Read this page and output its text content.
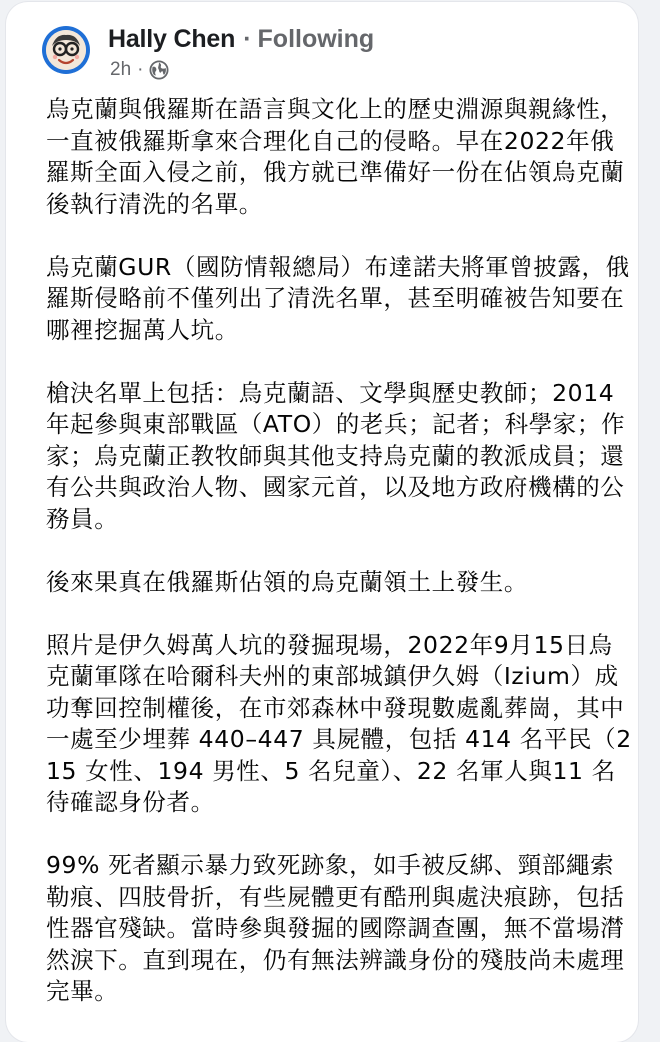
Hally Chen · Following
2h ·

烏克蘭與俄羅斯在語言與文化上的歷史淵源與親緣性，一直被俄羅斯拿來合理化自己的侵略。早在2022年俄羅斯全面入侵之前，俄方就已準備好一份在佔領烏克蘭後執行清洗的名單。

烏克蘭GUR（國防情報總局）布達諾夫將軍曾披露，俄羅斯侵略前不僅列出了清洗名單，甚至明確被告知要在哪裡挖掘萬人坑。

槍決名單上包括：烏克蘭語、文學與歷史教師；2014年起參與東部戰區（ATO）的老兵；記者；科學家；作家；烏克蘭正教牧師與其他支持烏克蘭的教派成員；還有公共與政治人物、國家元首，以及地方政府機構的公務員。

後來果真在俄羅斯佔領的烏克蘭領土上發生。

照片是伊久姆萬人坑的發掘現場，2022年9月15日烏克蘭軍隊在哈爾科夫州的東部城鎮伊久姆（Izium）成功奪回控制權後，在市郊森林中發現數處亂葬崗，其中一處至少埋葬 440–447 具屍體，包括 414 名平民（215 女性、194 男性、5 名兒童）、22 名軍人與11 名待確認身份者。

99% 死者顯示暴力致死跡象，如手被反綁、頸部繩索勒痕、四肢骨折，有些屍體更有酷刑與處決痕跡，包括性器官殘缺。當時參與發掘的國際調查團，無不當場潸然淚下。直到現在，仍有無法辨識身份的殘肢尚未處理完畢。
